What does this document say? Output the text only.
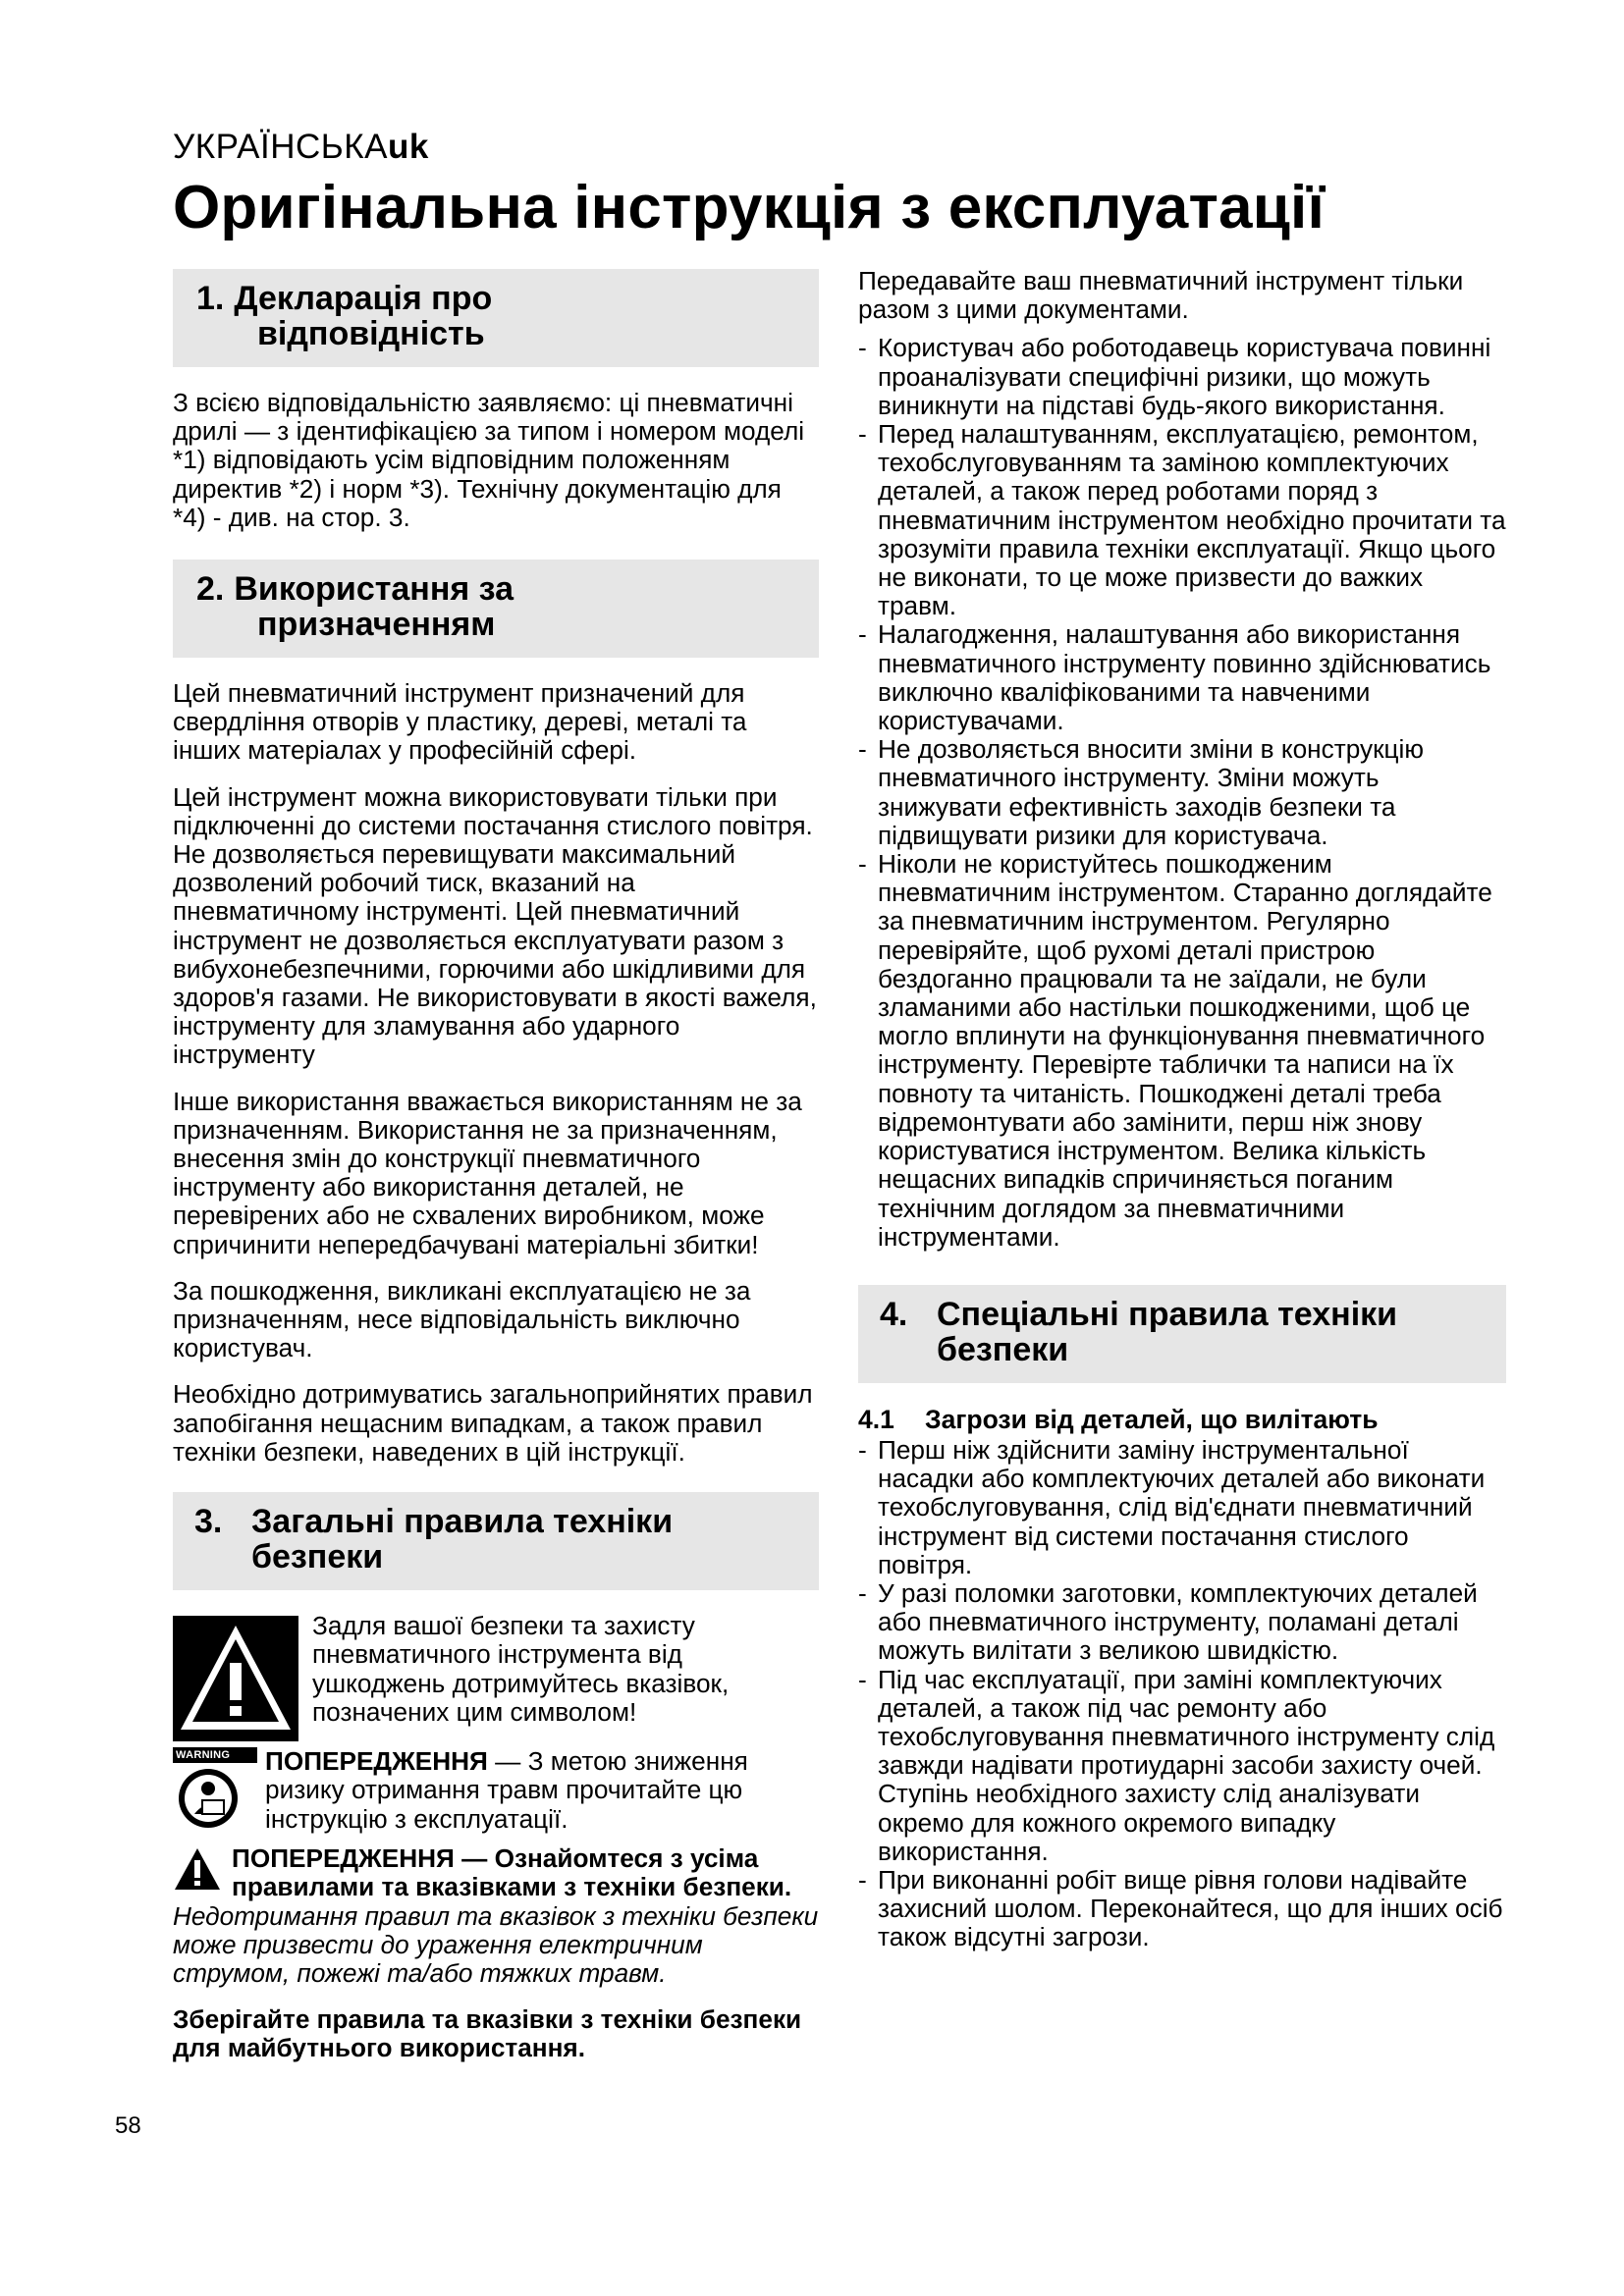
УКРАЇНСЬКАuk
Оригінальна інструкція з експлуатації
1. Декларація про
відповідність

З всією відповідальністю заявляємо: ці пневматичні дрилі — з ідентифікацією за типом і номером моделі *1) відповідають усім відповідним положенням директив *2) і норм *3). Технічну документацію для *4) - див. на стор. 3.

2. Використання за
призначенням

Цей пневматичний інструмент призначений для свердління отворів у пластику, дереві, металі та інших матеріалах у професійній сфері.

Цей інструмент можна використовувати тільки при підключенні до системи постачання стислого повітря. Не дозволяється перевищувати максимальний дозволений робочий тиск, вказаний на пневматичному інструменті. Цей пневматичний інструмент не дозволяється експлуатувати разом з вибухонебезпечними, горючими або шкідливими для здоров'я газами. Не використовувати в якості важеля, інструменту для зламування або ударного інструменту

Інше використання вважається використанням не за призначенням. Використання не за призначенням, внесення змін до конструкції пневматичного інструменту або використання деталей, не перевірених або не схвалених виробником, може спричинити непередбачувані матеріальні збитки!

За пошкодження, викликані експлуатацією не за призначенням, несе відповідальність виключно користувач.

Необхідно дотримуватись загальноприйнятих правил запобігання нещасним випадкам, а також правил техніки безпеки, наведених в цій інструкції.

3. Загальні правила техніки
безпеки

Задля вашої безпеки та захисту пневматичного інструмента від ушкоджень дотримуйтесь вказівок, позначених цим символом!

WARNING	ПОПЕРЕДЖЕННЯ — З метою зниження ризику отримання травм прочитайте цю інструкцію з експлуатації.

ПОПЕРЕДЖЕННЯ — Ознайомтеся з усіма правилами та вказівками з техніки безпеки. Недотримання правил та вказівок з техніки безпеки може призвести до ураження електричним струмом, пожежі та/або тяжких травм.

Зберігайте правила та вказівки з техніки безпеки для майбутнього використання.

Передавайте ваш пневматичний інструмент тільки разом з цими документами.

- Користувач або роботодавець користувача повинні проаналізувати специфічні ризики, що можуть виникнути на підставі будь-якого використання.
- Перед налаштуванням, експлуатацією, ремонтом, техобслуговуванням та заміною комплектуючих деталей, а також перед роботами поряд з пневматичним інструментом необхідно прочитати та зрозуміти правила техніки експлуатації. Якщо цього не виконати, то це може призвести до важких травм.
- Налагодження, налаштування або використання пневматичного інструменту повинно здійснюватись виключно кваліфікованими та навченими користувачами.
- Не дозволяється вносити зміни в конструкцію пневматичного інструменту. Зміни можуть знижувати ефективність заходів безпеки та підвищувати ризики для користувача.
- Ніколи не користуйтесь пошкодженим пневматичним інструментом. Старанно доглядайте за пневматичним інструментом. Регулярно перевіряйте, щоб рухомі деталі пристрою бездоганно працювали та не заїдали, не були зламаними або настільки пошкодженими, щоб це могло вплинути на функціонування пневматичного інструменту. Перевірте таблички та написи на їх повноту та читаність. Пошкоджені деталі треба відремонтувати або замінити, перш ніж знову користуватися інструментом. Велика кількість нещасних випадків спричиняється поганим технічним доглядом за пневматичними інструментами.
4. Спеціальні правила техніки
безпеки
4.1 Загрози від деталей, що вилітають
- Перш ніж здійснити заміну інструментальної насадки або комплектуючих деталей або виконати техобслуговування, слід від'єднати пневматичний інструмент від системи постачання стислого повітря.
- У разі поломки заготовки, комплектуючих деталей або пневматичного інструменту, поламані деталі можуть вилітати з великою швидкістю.
- Під час експлуатації, при заміні комплектуючих деталей, а також під час ремонту або техобслуговування пневматичного інструменту слід завжди надівати протиударні засоби захисту очей. Ступінь необхідного захисту слід аналізувати окремо для кожного окремого випадку використання.
- При виконанні робіт вище рівня голови надівайте захисний шолом. Переконайтеся, що для інших осіб також відсутні загрози.
58
